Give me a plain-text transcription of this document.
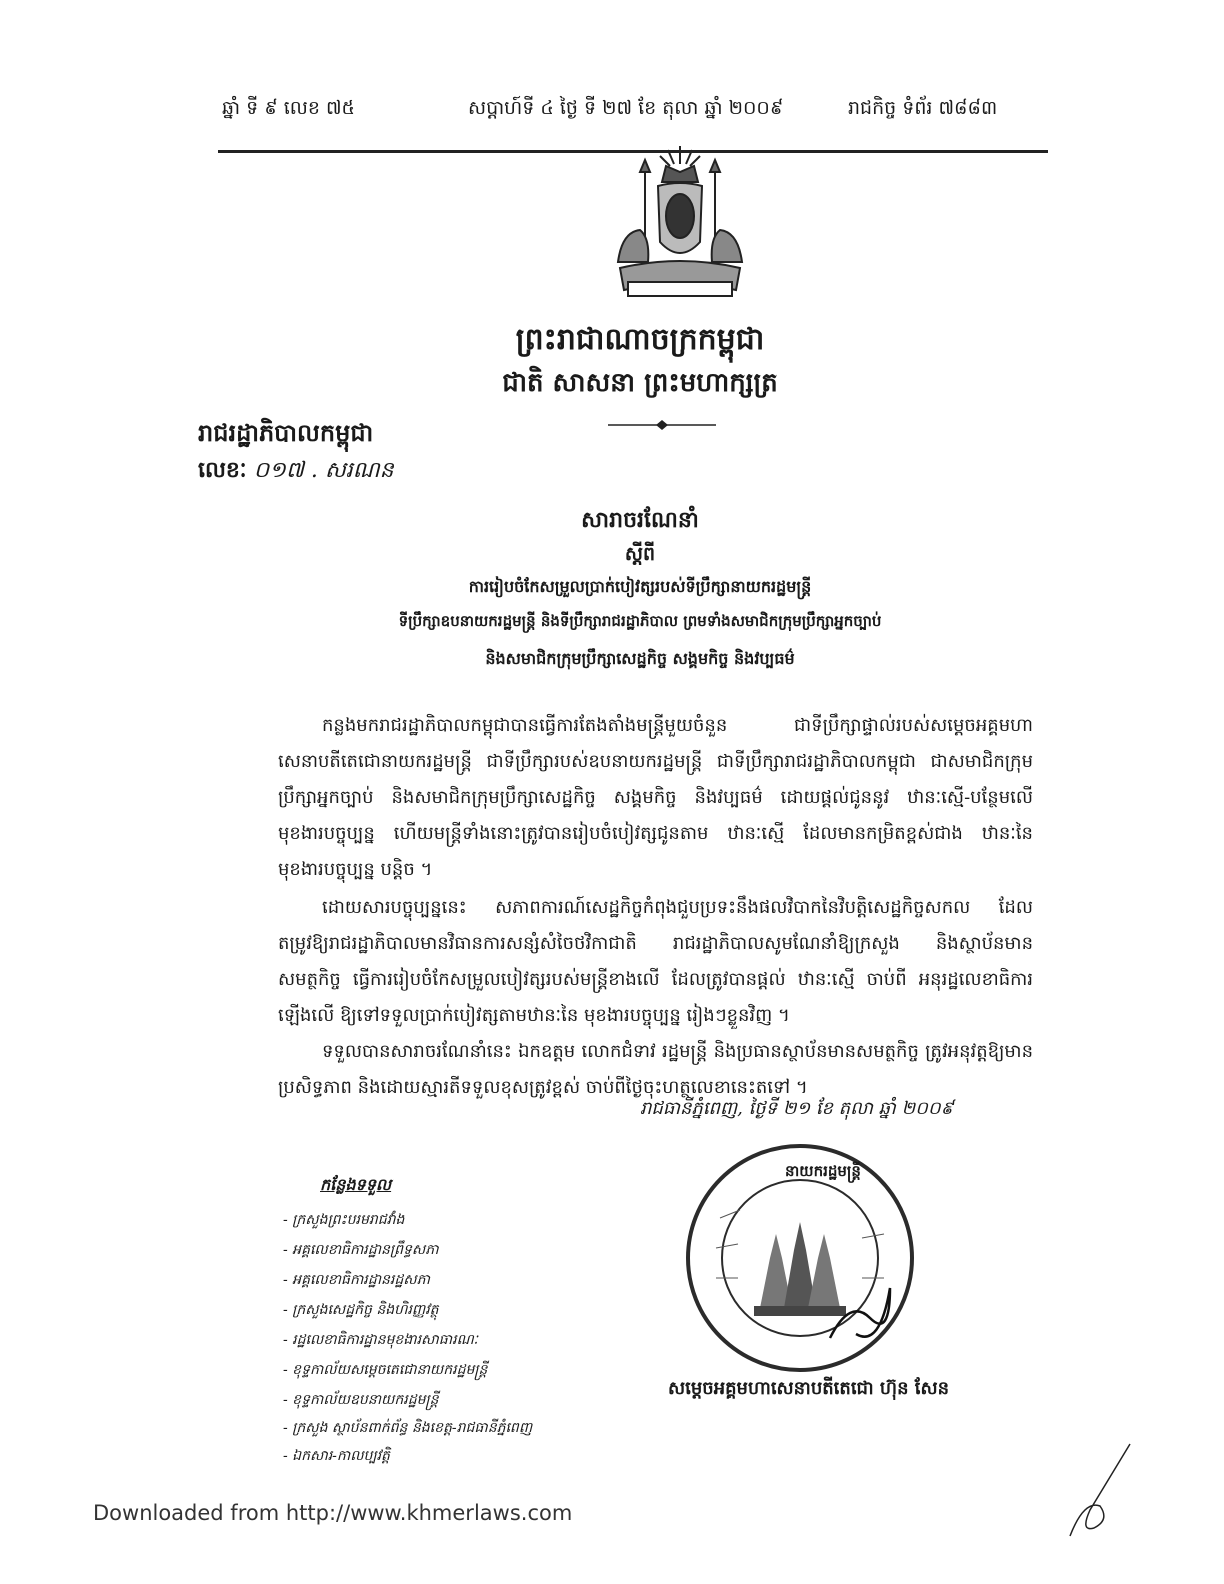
ឆ្នាំ ទី ៩ លេខ ៧៥	សប្តាហ៍ទី ៤ ថ្ងៃ ទី ២៧ ខែ តុលា ឆ្នាំ ២០០៩	រាជកិច្ច ទំព័រ ៧៨៨៣
ព្រះរាជាណាចក្រកម្ពុជា
ជាតិ សាសនា ព្រះមហាក្សត្រ
រាជរដ្ឋាភិបាលកម្ពុជា
លេខៈ ០១៧ . សរណន
សារាចរណែនាំ
ស្តីពី
ការរៀបចំកែសម្រួលប្រាក់បៀវត្សរបស់ទីប្រឹក្សានាយករដ្ឋមន្ត្រី
ទីប្រឹក្សាឧបនាយករដ្ឋមន្ត្រី និងទីប្រឹក្សារាជរដ្ឋាភិបាល ព្រមទាំងសមាជិកក្រុមប្រឹក្សាអ្នកច្បាប់
និងសមាជិកក្រុមប្រឹក្សាសេដ្ឋកិច្ច សង្គមកិច្ច និងវប្បធម៌
កន្លងមករាជរដ្ឋាភិបាលកម្ពុជាបានធ្វើការតែងតាំងមន្ត្រីមួយចំនួន ជាទីប្រឹក្សាផ្ទាល់របស់សម្តេចអគ្គមហាសេនាបតីតេជោនាយករដ្ឋមន្ត្រី ជាទីប្រឹក្សារបស់ឧបនាយករដ្ឋមន្ត្រី ជាទីប្រឹក្សារាជរដ្ឋាភិបាលកម្ពុជា ជាសមាជិកក្រុមប្រឹក្សាអ្នកច្បាប់ និងសមាជិកក្រុមប្រឹក្សាសេដ្ឋកិច្ច សង្គមកិច្ច និងវប្បធម៌ ដោយផ្តល់ជូននូវ ឋានៈស្មើ-បន្ថែមលើមុខងារបច្ចុប្បន្ន ហើយមន្ត្រីទាំងនោះត្រូវបានរៀបចំបៀវត្សជូនតាម ឋានៈស្មើ ដែលមានកម្រិតខ្ពស់ជាង ឋានៈនៃមុខងារបច្ចុប្បន្ន បន្តិច ។
ដោយសារបច្ចុប្បន្ននេះ សភាពការណ៍សេដ្ឋកិច្ចកំពុងជួបប្រទះនឹងផលវិបាកនៃវិបត្តិសេដ្ឋកិច្ចសកល ដែលតម្រូវឱ្យរាជរដ្ឋាភិបាលមានវិធានការសន្សំសំចៃថវិកាជាតិ រាជរដ្ឋាភិបាលសូមណែនាំឱ្យក្រសួង និងស្ថាប័នមានសមត្ថកិច្ច ធ្វើការរៀបចំកែសម្រួលបៀវត្សរបស់មន្ត្រីខាងលើ ដែលត្រូវបានផ្តល់ ឋានៈស្មើ ចាប់ពី អនុរដ្ឋលេខាធិការ ឡើងលើ ឱ្យទៅទទួលប្រាក់បៀវត្សតាមឋានៈនៃ មុខងារបច្ចុប្បន្ន រៀងៗខ្លួនវិញ ។
ទទួលបានសារាចរណែនាំនេះ ឯកឧត្តម លោកជំទាវ រដ្ឋមន្ត្រី និងប្រធានស្ថាប័នមានសមត្ថកិច្ច ត្រូវអនុវត្តឱ្យមានប្រសិទ្ធភាព និងដោយស្មារតីទទួលខុសត្រូវខ្ពស់ ចាប់ពីថ្ងៃចុះហត្ថលេខានេះតទៅ ។
រាជធានីភ្នំពេញ, ថ្ងៃទី ២១ ខែ តុលា ឆ្នាំ ២០០៩
កន្លែងទទួល
- ក្រសួងព្រះបរមរាជវាំង
- អគ្គលេខាធិការដ្ឋានព្រឹទ្ធសភា
- អគ្គលេខាធិការដ្ឋានរដ្ឋសភា
- ក្រសួងសេដ្ឋកិច្ច និងហិរញ្ញវត្ថុ
- រដ្ឋលេខាធិការដ្ឋានមុខងារសាធារណៈ
- ខុទ្ទកាល័យសម្តេចតេជោនាយករដ្ឋមន្ត្រី
- ខុទ្ទកាល័យឧបនាយករដ្ឋមន្ត្រី
- ក្រសួង ស្ថាប័នពាក់ព័ន្ធ និងខេត្ត-រាជធានីភ្នំពេញ
- ឯកសារ-កាលប្បវត្តិ
នាយករដ្ឋមន្ត្រី
សម្តេចអគ្គមហាសេនាបតីតេជោ ហ៊ុន សែន
Downloaded from http://www.khmerlaws.com
